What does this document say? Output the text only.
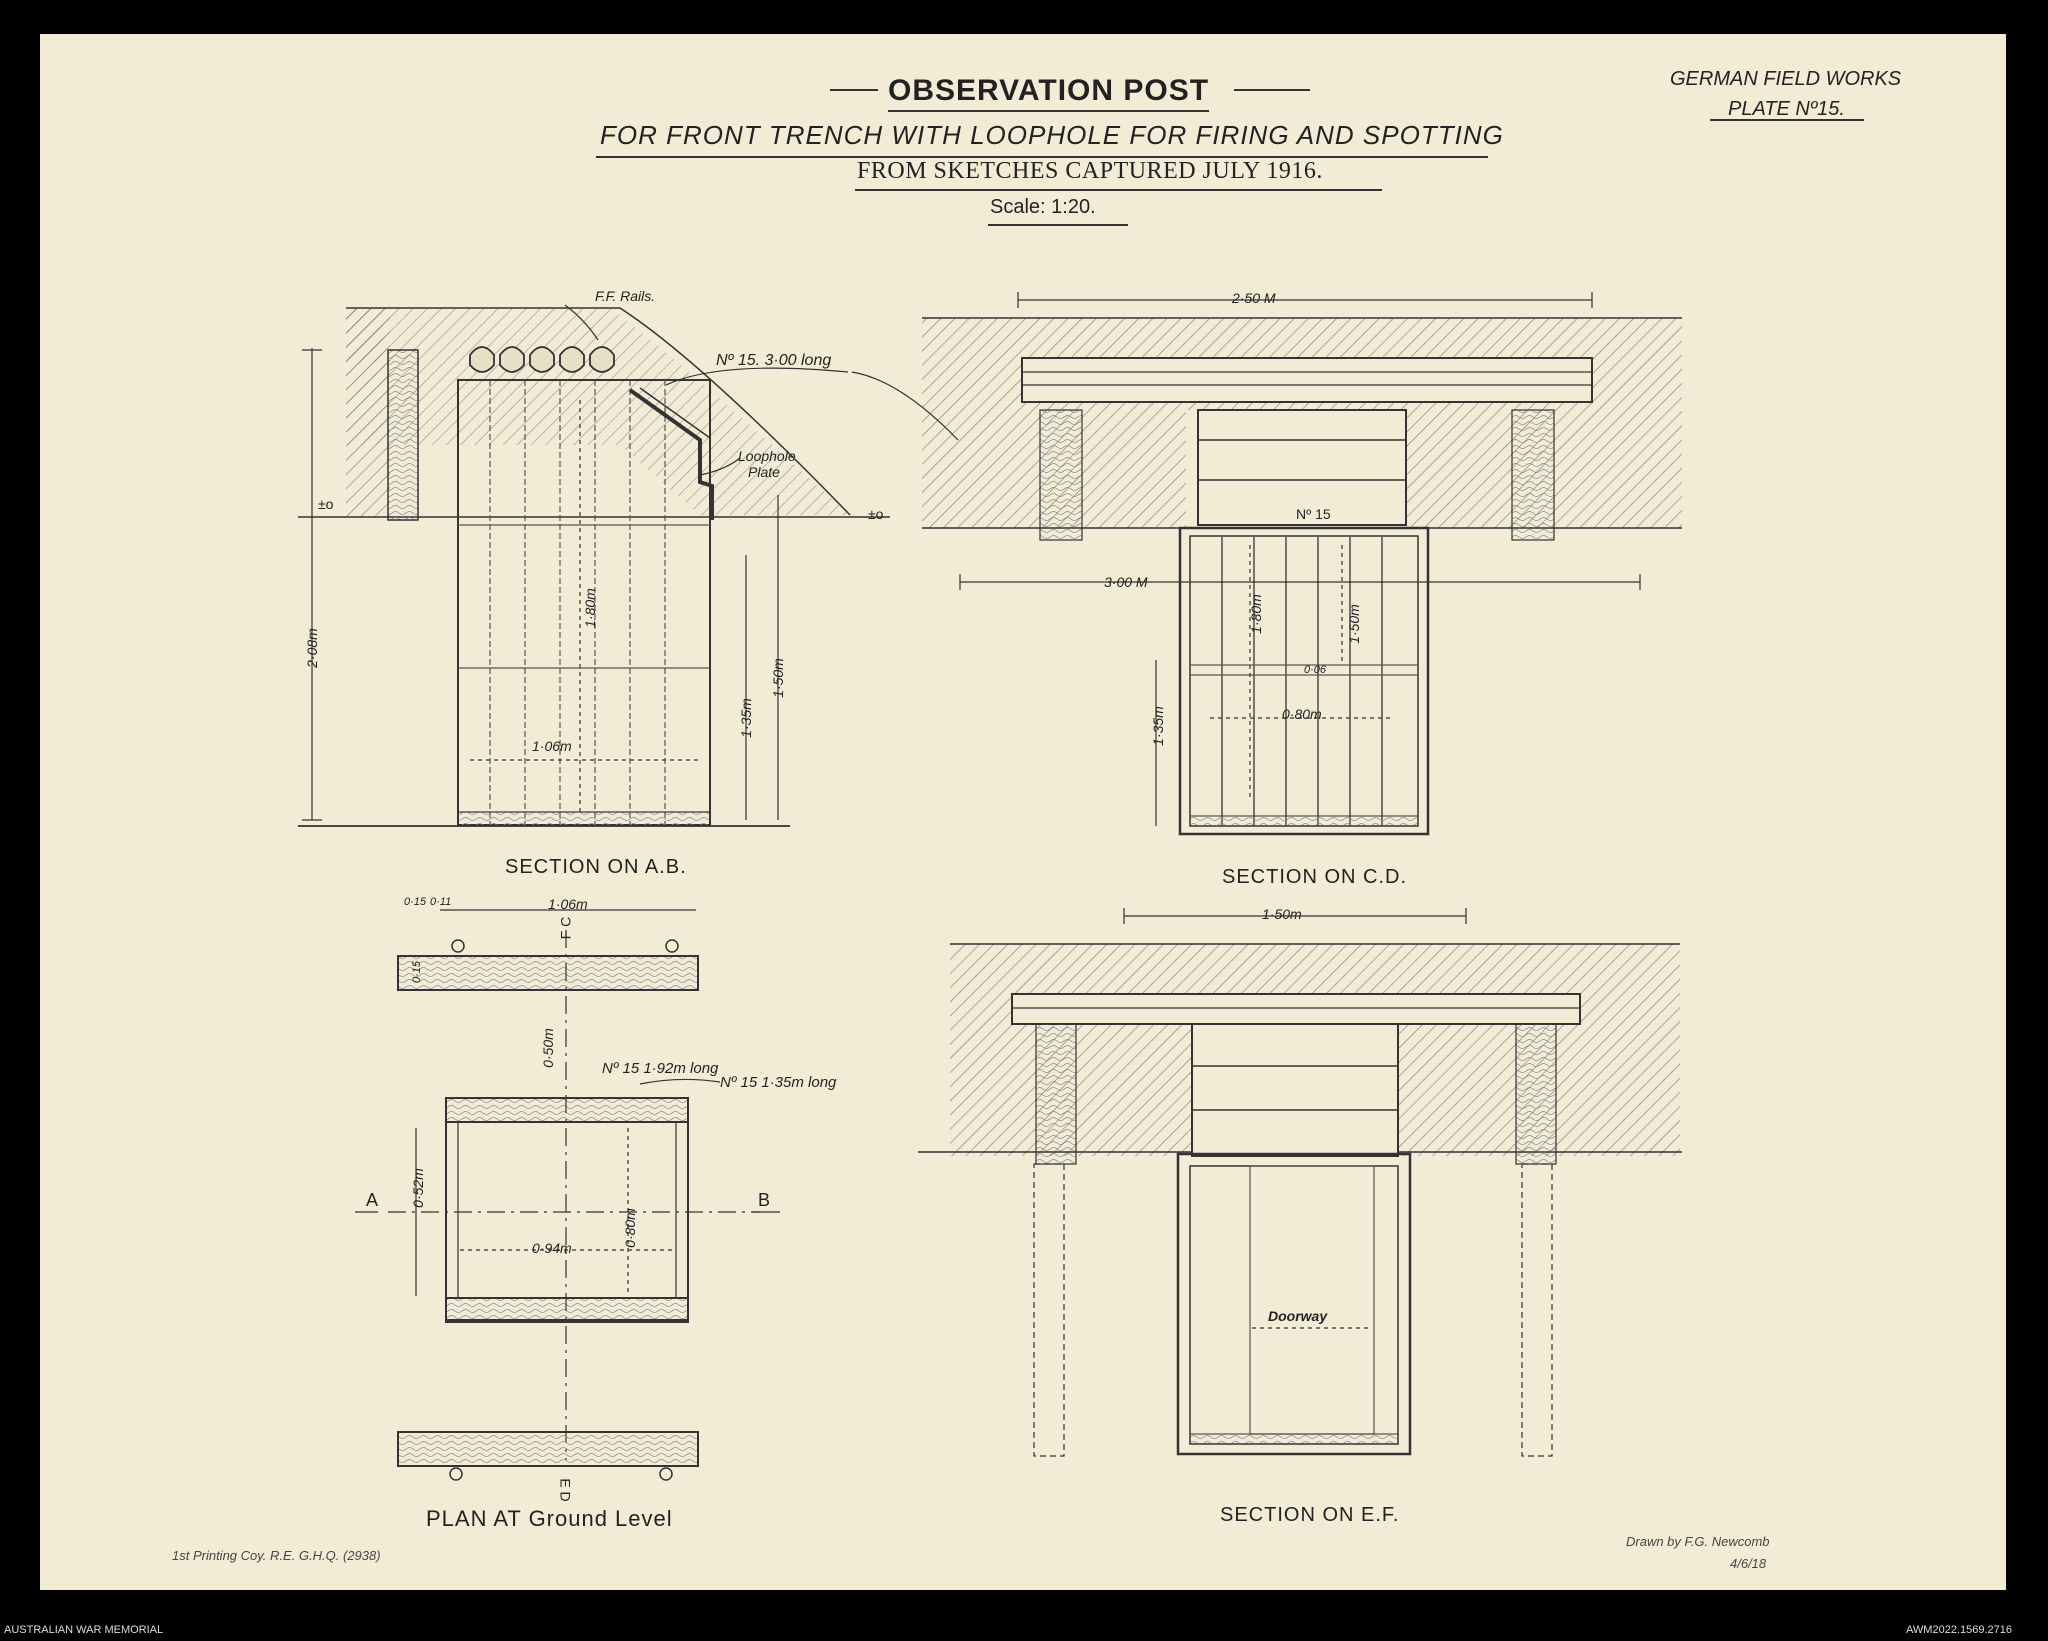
OBSERVATION POST
FOR FRONT TRENCH WITH LOOPHOLE FOR FIRING AND SPOTTING
FROM SKETCHES CAPTURED JULY 1916.
Scale: 1:20.
GERMAN FIELD WORKS
PLATE Nº15.
F.F. Rails.
Nº 15. 3·00 long
Loophole
Plate
±o
±o
2·08m
1·80m
1·35m
1·50m
1·06m
SECTION ON A.B.
2·50 M
3·00 M
Nº 15
1·80m	1·50m
1·35m
0·06
0·80m
SECTION ON C.D.
0·15 0·11	1·06m
0·15
0·50m
Nº 15 1·92m long
Nº 15 1·35m long
A	B
0·52m
0·94m
0·80m
F C
E D
PLAN AT Ground Level
1·50m
Doorway
SECTION ON E.F.
1st Printing Coy. R.E. G.H.Q. (2938)
Drawn by F.G. Newcomb
4/6/18
AUSTRALIAN WAR MEMORIAL	AWM2022.1569.2716
